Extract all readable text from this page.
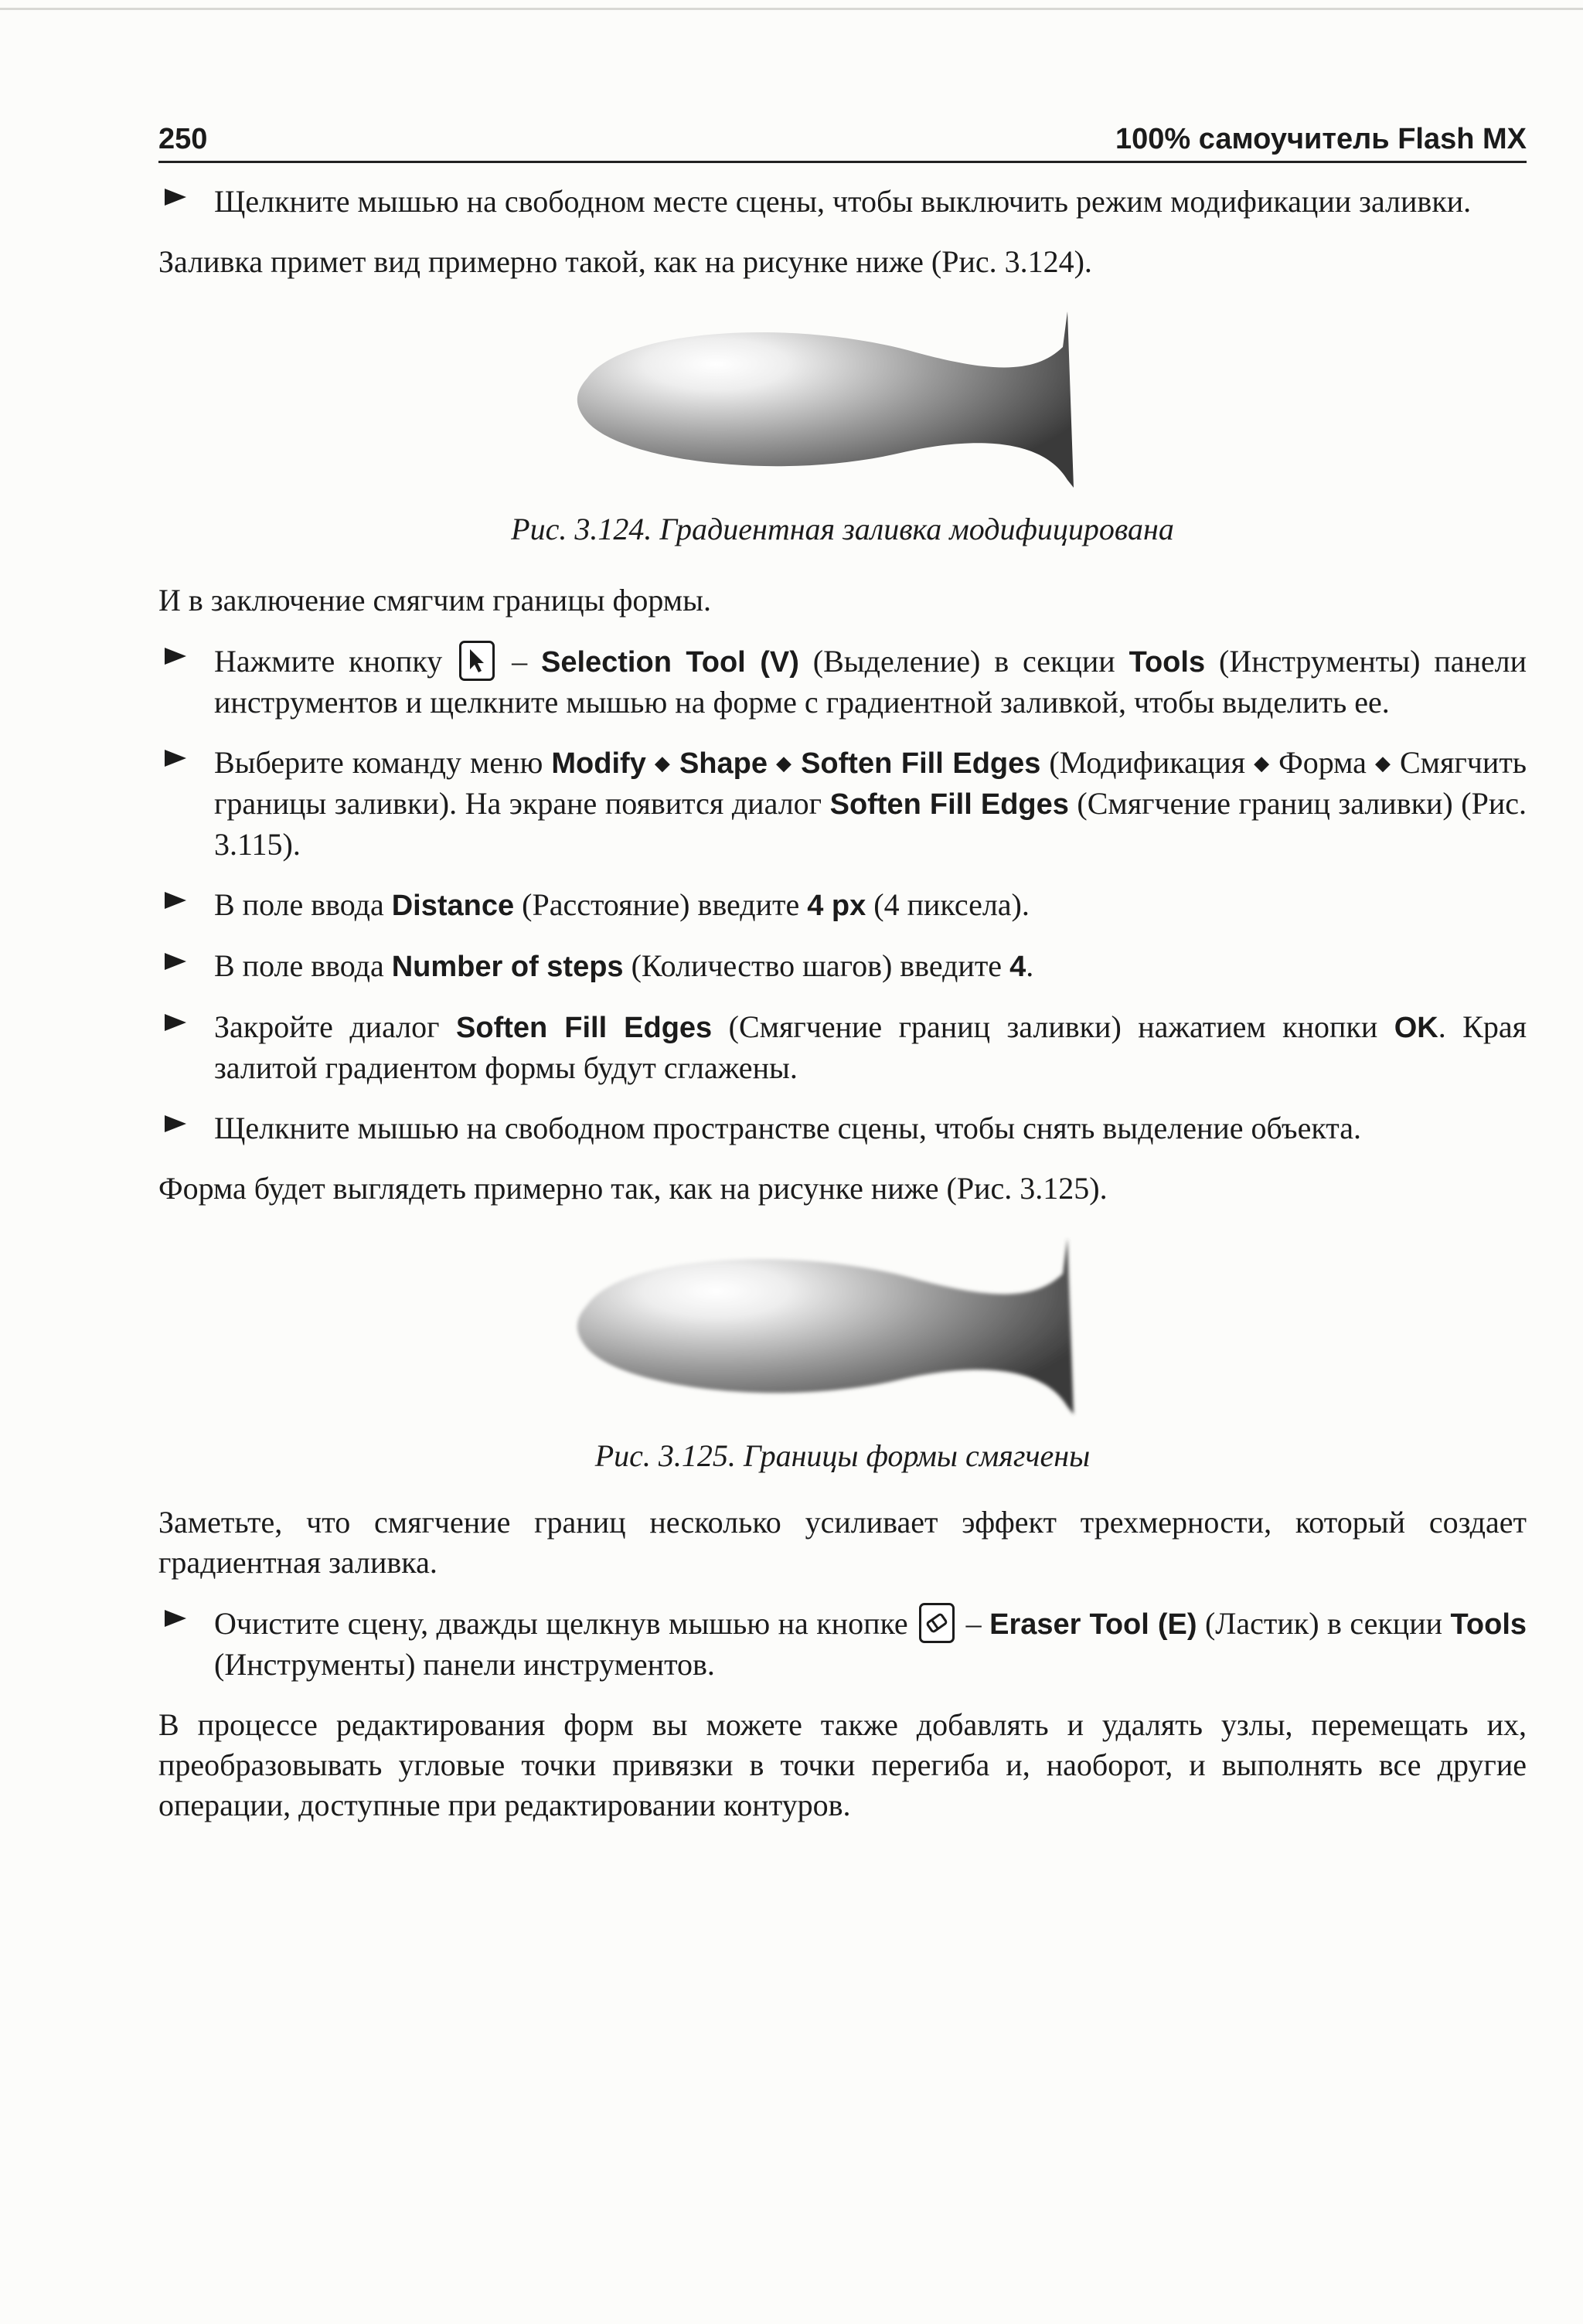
250	100% самоучитель Flash MX
Щелкните мышью на свободном месте сцены, чтобы выключить режим модификации заливки.

Заливка примет вид примерно такой, как на рисунке ниже (Рис. 3.124).

Рис. 3.124. Градиентная заливка модифицирована

И в заключение смягчим границы формы.

Нажмите кнопку
– Selection Tool (V) (Выделение) в секции Tools (Инструменты) панели инструментов и щелкните мышью на форме с градиентной заливкой, чтобы выделить ее.
Выберите команду меню Modify ◆ Shape ◆ Soften Fill Edges (Модификация ◆ Форма ◆ Смягчить границы заливки). На экране появится диалог Soften Fill Edges (Смягчение границ заливки) (Рис. 3.115).
В поле ввода Distance (Расстояние) введите 4 px (4 пиксела).
В поле ввода Number of steps (Количество шагов) введите 4.
Закройте диалог Soften Fill Edges (Смягчение границ заливки) нажатием кнопки OK. Края залитой градиентом формы будут сглажены.
Щелкните мышью на свободном пространстве сцены, чтобы снять выделение объекта.

Форма будет выглядеть примерно так, как на рисунке ниже (Рис. 3.125).

Рис. 3.125. Границы формы смягчены

Заметьте, что смягчение границ несколько усиливает эффект трехмерности, который создает градиентная заливка.

Очистите сцену, дважды щелкнув мышью на кнопке
– Eraser Tool (E) (Ластик) в секции Tools (Инструменты) панели инструментов.

В процессе редактирования форм вы можете также добавлять и удалять узлы, перемещать их, преобразовывать угловые точки привязки в точки перегиба и, наоборот, и выполнять все другие операции, доступные при редактировании контуров.
